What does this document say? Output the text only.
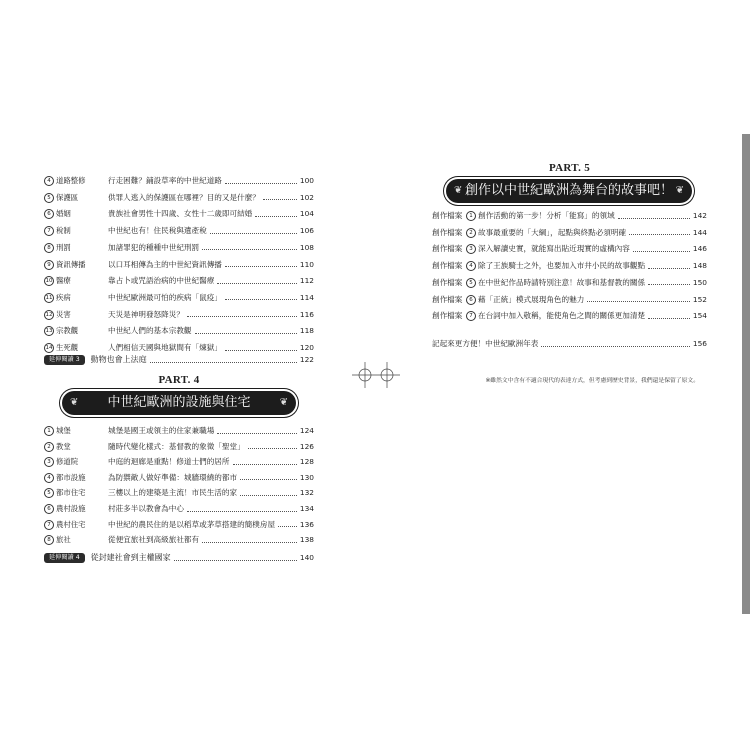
4 道路整修	行走困難？鋪設草率的中世紀道路	100
5 保護區	供罪人逃入的保護區在哪裡？目的又是什麼？	102
6 婚姻	貴族社會男性十四歲、女性十二歲即可結婚	104
7 稅制	中世紀也有！住民稅與遺產稅	106
8 刑罰	加諸罪犯的種種中世紀刑罰	108
9 資訊傳播	以口耳相傳為主的中世紀資訊傳播	110
10 醫療	靠占卜或咒語治病的中世紀醫療	112
11 疾病	中世紀歐洲最可怕的疾病「鼠疫」	114
12 災害	天災是神明發怒降災？	116
13 宗教觀	中世紀人們的基本宗教觀	118
14 生死觀	人們相信天國與地獄間有「煉獄」	120
延伸閱讀 3	動物也會上法庭	122
PART. 4
❦ 中世紀歐洲的設施與住宅	❦
1 城堡	城堡是國王或領主的住家兼職場	124
2 教堂	隨時代變化樣式：基督教的象徵「聖堂」	126
3 修道院	中庭的迴廊是重點！修道士們的居所	128
4 都市設施	為防禦敵人做好準備：城牆環繞的都市	130
5 都市住宅	三樓以上的建築是主流！市民生活的家	132
6 農村設施	村莊多半以教會為中心	134
7 農村住宅	中世紀的農民住的是以稻草或茅草搭建的簡樸房屋	136
8 旅社	從便宜旅社到高級旅社都有	138
延伸閱讀 4	從封建社會到主權國家	140
PART. 5
❦ 創作以中世紀歐洲為舞台的故事吧！ ❦
創作檔案	1 創作活動的第一步！分析「能寫」的領域	142
創作檔案	2 故事最重要的「大綱」，起點與終點必須明確	144
創作檔案	3 深入解讀史實，就能寫出貼近現實的虛構內容	146
創作檔案	4 除了王族騎士之外，也要加入市井小民的故事觀點	148
創作檔案	5 在中世紀作品時請特別注意！故事和基督教的關係	150
創作檔案	6 藉「正統」模式展現角色的魅力	152
創作檔案	7 在台詞中加入敬稱，能使角色之間的關係更加清楚	154
記起來更方便！中世紀歐洲年表	156
※雖然文中含有不適合現代的表達方式，但考慮到歷史背景，我們還是保留了原文。
